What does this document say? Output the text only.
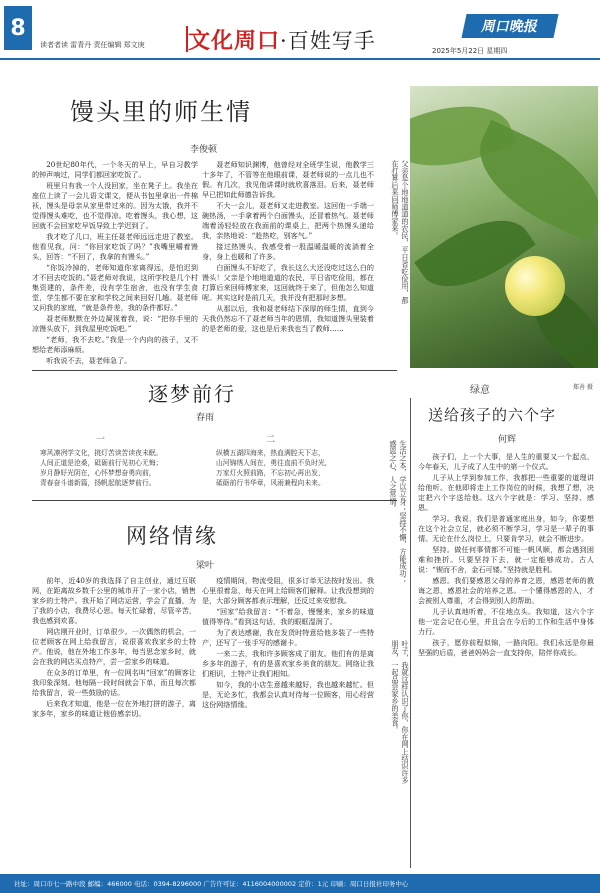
8
读者者读 雷青丹 责任编辑 郑文庚 文化周口·百姓写手
周口晚报
2025年5月22日 星期四
馒头里的师生情
李俊顿

20世纪80年代，一个冬天的早上，早自习教学的钟声响过，同学们都回家吃饭了。

班里只有我一个人没回家，坐在凳子上。我坐在座位上读了一会儿语文课文，便从书包里拿出一件棉袄，馒头是母亲从家里带过来的。因为太饿，我并不觉得馒头难吃，也不觉得凉。吃着馒头，我心想，这回就不会回家吃早饭导致上学迟到了。

我才吃了几口，班主任聂老师远远走进了教室。他看见我，问：“你回家吃饭了吗？”我嘴里嚼着馒头，回答：“不回了，我拿的有馒头。”

“你饭冷掉的，老师知道你家离得远，是怕迟到才不回去吃饭的。”聂老师对我说，这所学校是几个村集资建的，条件差，没有学生宿舍，也没有学生食堂，学生都不要在家和学校之间来回好几趟。聂老师又问我的家庭，“就是条件差，我的条件都好。”

聂老师默默在外边凝视着我，说：“把你手里的凉馒头放下，到我屋里吃饭吧。”

“老师，我不去吃。”我是一个内向的孩子，又不想给老师添麻烦。

听我说不去，聂老师急了。

聂老师知识渊博，他曾经对全班学生说，他教学三十多年了，不管等在他眼前课，聂老师说的一点儿也不假。有几次，我见他讲课时就欣喜落泪。后来，聂老师早已把如此师德告诉我。

不大一会儿，聂老师又走进教室。这回他一手端一碗热汤，一手拿着两个白面馒头，还冒着热气。聂老师端着汤轻轻放在我面前的课桌上，把两个热馒头递给我，亲热地说：“趁热吃，别客气。”

接过热馒头，我感受着一股温暖温暖的流淌着全身，身上也暖和了许多。

白面馒头不好吃了，我长这么大还没吃过这么白的馒头！父亲是个地地道道的农民，平日省吃俭用，都在打算后来回师傅家来，这回就终于来了，但他怎么知道呢。其实这时是前几天，我并没有把那时多想。

从那以后，我和聂老师结下深厚的师生情，直到今天我仍然忘不了聂老师当年的恩情，我知道馒头里装着的是老师的爱，这也是后来我也当了教师……

父亲是个地地道道的农民，平日省吃俭用，都在打算后来回师傅家来。
绿意	郑善 摄
逐梦前行
春雨
一	二
寒风凛冽学文化，挑灯苦读苦读夜未眠。
人间正道是沧桑，砥砺前行见初心无悔；
岁月静好光阴在，心怀梦想奋勇向前，
青春奋斗谱新篇，扬帆起航逐梦前行。
纵横五湖四海来，热血满腔天下志，
山河锦绣人间在，勇往直前不负时光，
万家灯火照前路，不忘初心再出发，
砥砺前行书华章，风雨兼程向未来。
网络情缘
梁叶

前年，近40岁的我选择了自主创业，通过互联网，在距离故乡数千公里的城市开了一家小店，销售家乡的土特产。我开始了网店运营，学会了直播，为了我的小店，我费尽心思。每天忙碌着，尽管辛苦，我也感到欢喜。

网店刚开业时，订单很少。一次偶然的机会，一位老顾客在网上给我留言，说很喜欢我家乡的土特产。他说，他在外地工作多年，每当思念家乡时，就会在我的网店买点特产，尝一尝家乡的味道。

在众多的订单里，有一位网名叫“回家”的顾客让我印象深刻。他每隔一段时间就会下单，而且每次都给我留言，说一些鼓励的话。

后来我才知道，他是一位在外地打拼的游子，离家多年，家乡的味道让他倍感亲切。

疫情期间，物流受阻，很多订单无法按时发出。我心里很着急，每天在网上给顾客们解释。让我没想到的是，大部分顾客都表示理解，还反过来安慰我。

“回家”给我留言：“不着急，慢慢来，家乡的味道值得等待。”看到这句话，我的眼眶湿润了。

为了表达感谢，我在发货时特意给他多装了一些特产，还写了一张手写的感谢卡。

一来二去，我和许多顾客成了朋友。他们有的是离乡多年的游子，有的是喜欢家乡美食的朋友。网络让我们相识，土特产让我们相知。

如今，我的小店生意越来越好，我也越来越忙。但是，无论多忙，我都会认真对待每一位顾客，用心经营这份网络情缘。	叶子，我就这样认识了你，你在网上结识许多朋友，一起品尝家乡的美食。
送给孩子的六个字
何辉
生活之本，学以立身；坚持不懈，方能成功；感恩之心，人之常情。	孩子们，上一个大事，是人生的重要又一个起点，今年春天，儿子成了人生中的第一个仪式。

儿子从上学到参加工作，我都把一些重要的道理讲给他听。在他即将走上工作岗位的时候，我想了想，决定把六个字送给他。这六个字就是：学习、坚持、感恩。

学习。我说，我们是普通家庭出身，如今，你要想在这个社会立足，就必须不断学习，学习是一辈子的事情。无论在什么岗位上，只要肯学习，就会不断进步。

坚持。做任何事情都不可能一帆风顺，都会遇到困难和挫折。只要坚持下去，就一定能够成功。古人说：“锲而不舍，金石可镂。”坚持就是胜利。

感恩。我们要感恩父母的养育之恩，感恩老师的教诲之恩，感恩社会的培养之恩。一个懂得感恩的人，才会被别人尊重，才会得到别人的帮助。

儿子认真地听着，不住地点头。我知道，这六个字他一定会记在心里，并且会在今后的工作和生活中身体力行。

孩子，愿你前程似锦，一路向阳。我们永远是你最坚强的后盾，爸爸妈妈会一直支持你，陪伴你成长。

社址：周口市七一路中段 邮编：466000 电话：0394-8296000 广告许可证：4116004000002 定价：1元 印刷：周口日报社印务中心
